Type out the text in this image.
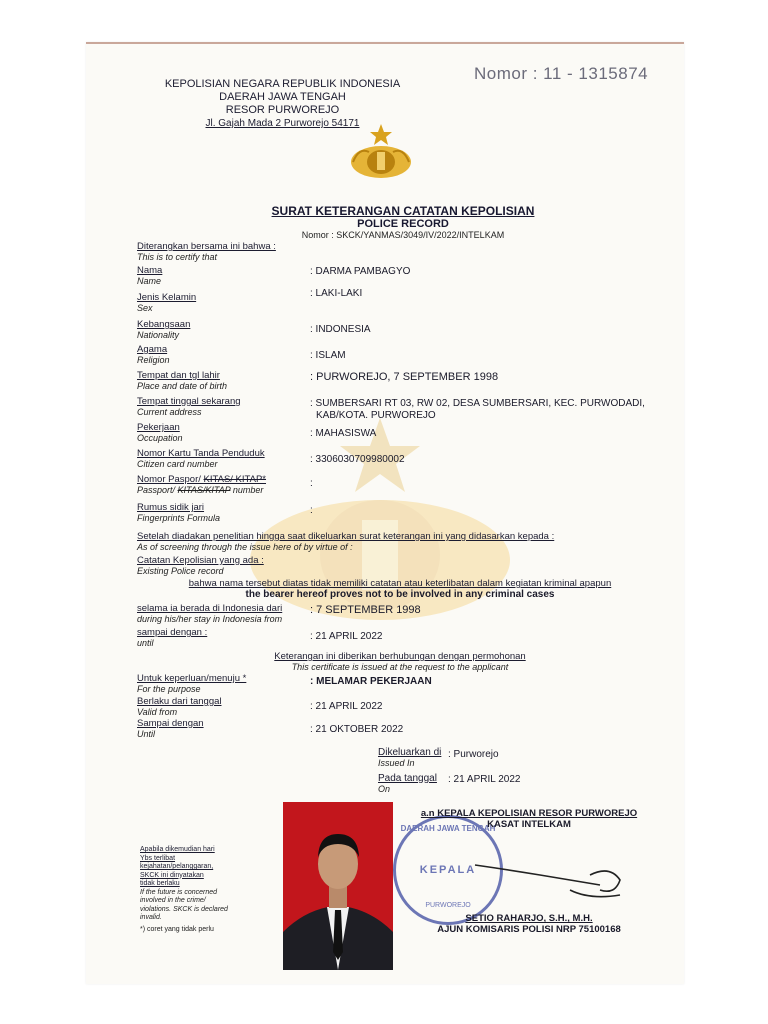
KEPOLISIAN NEGARA REPUBLIK INDONESIA
DAERAH JAWA TENGAH
RESOR PURWOREJO
Jl. Gajah Mada 2 Purworejo 54171
Nomor : 11 - 1315874
SURAT KETERANGAN CATATAN KEPOLISIAN
POLICE RECORD
Nomor : SKCK/YANMAS/3049/IV/2022/INTELKAM
Diterangkan bersama ini bahwa :
This is to certify that
Nama
Name
: DARMA PAMBAGYO
Jenis Kelamin
Sex
: LAKI-LAKI
Kebangsaan
Nationality	: INDONESIA
Agama
Religion	: ISLAM
Tempat dan tgl lahir
Place and date of birth
: PURWOREJO, 7 SEPTEMBER 1998
Tempat tinggal sekarang
Current address
: SUMBERSARI RT 03, RW 02, DESA SUMBERSARI, KEC. PURWODADI,
KAB/KOTA. PURWOREJO
Pekerjaan
Occupation	: MAHASISWA
Nomor Kartu Tanda Penduduk
Citizen card number	: 3306030709980002
Nomor Paspor/ KITAS/ KITAP*
Passport/ KITAS/KITAP number
:
Rumus sidik jari
Fingerprints Formula
:
Setelah diadakan penelitian hingga saat dikeluarkan surat keterangan ini yang didasarkan kepada :
As of screening through the issue here of by virtue of :
Catatan Kepolisian yang ada :
Existing Police record
bahwa nama tersebut diatas tidak memiliki catatan atau keterlibatan dalam kegiatan kriminal apapun
the bearer hereof proves not to be involved in any criminal cases
selama ia berada di Indonesia dari
during his/her stay in Indonesia from
: 7 SEPTEMBER 1998
sampai dengan :
until
: 21 APRIL 2022
Keterangan ini diberikan berhubungan dengan permohonan
This certificate is issued at the request to the applicant
Untuk keperluan/menuju *
For the purpose
: MELAMAR PEKERJAAN
Berlaku dari tanggal
Valid from	: 21 APRIL 2022
Sampai dengan
Until	: 21 OKTOBER 2022
Dikeluarkan di
Issued In
: Purworejo
Pada tanggal
On
: 21 APRIL 2022
DAERAH JAWA TENGAH
KEPALA
PURWOREJO
a.n KEPALA KEPOLISIAN RESOR PURWOREJO
KASAT INTELKAM
SETIO RAHARJO, S.H., M.H.
AJUN KOMISARIS POLISI NRP 75100168
Apabila dikemudian hari
Ybs terlibat
kejahatan/pelanggaran,
SKCK ini dinyatakan
tidak berlaku
If the future is concerned
involved in the crime/
violations. SKCK is declared
invalid.
*) coret yang tidak perlu
